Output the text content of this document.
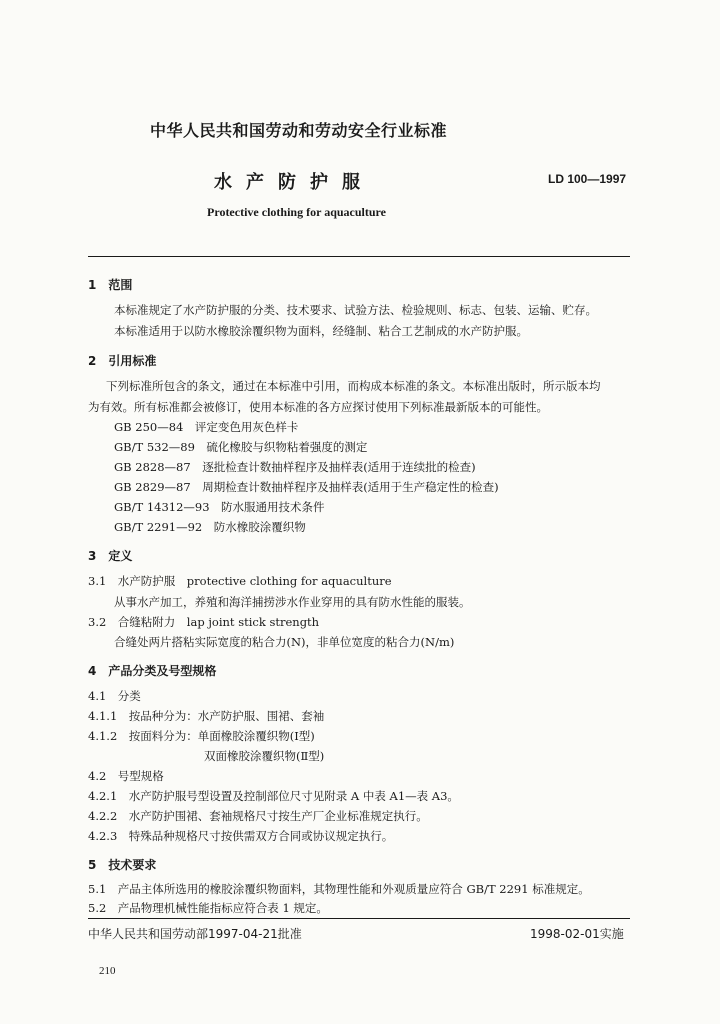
中华人民共和国劳动和劳动安全行业标准
水产防护服	LD 100—1997
Protective clothing for aquaculture
1　范围
本标准规定了水产防护服的分类、技术要求、试验方法、检验规则、标志、包装、运输、贮存。
本标准适用于以防水橡胶涂覆织物为面料，经缝制、粘合工艺制成的水产防护服。
2　引用标准
下列标准所包含的条文，通过在本标准中引用，而构成本标准的条文。本标准出版时，所示版本均
为有效。所有标准都会被修订，使用本标准的各方应探讨使用下列标准最新版本的可能性。
GB 250—84　评定变色用灰色样卡
GB/T 532—89　硫化橡胶与织物粘着强度的测定
GB 2828—87　逐批检查计数抽样程序及抽样表(适用于连续批的检查)
GB 2829—87　周期检查计数抽样程序及抽样表(适用于生产稳定性的检查)
GB/T 14312—93　防水服通用技术条件
GB/T 2291—92　防水橡胶涂覆织物
3　定义
3.1　水产防护服　protective clothing for aquaculture
从事水产加工，养殖和海洋捕捞涉水作业穿用的具有防水性能的服装。
3.2　合缝粘附力　lap joint stick strength
合缝处两片搭粘实际宽度的粘合力(N)，非单位宽度的粘合力(N/m)
4　产品分类及号型规格
4.1　分类
4.1.1　按品种分为：水产防护服、围裙、套袖
4.1.2　按面料分为：单面橡胶涂覆织物(Ⅰ型)
双面橡胶涂覆织物(Ⅱ型)
4.2　号型规格
4.2.1　水产防护服号型设置及控制部位尺寸见附录 A 中表 A1—表 A3。
4.2.2　水产防护围裙、套袖规格尺寸按生产厂企业标准规定执行。
4.2.3　特殊品种规格尺寸按供需双方合同或协议规定执行。
5　技术要求
5.1　产品主体所选用的橡胶涂覆织物面料，其物理性能和外观质量应符合 GB/T 2291 标准规定。
5.2　产品物理机械性能指标应符合表 1 规定。
中华人民共和国劳动部1997-04-21批准	1998-02-01实施
210
